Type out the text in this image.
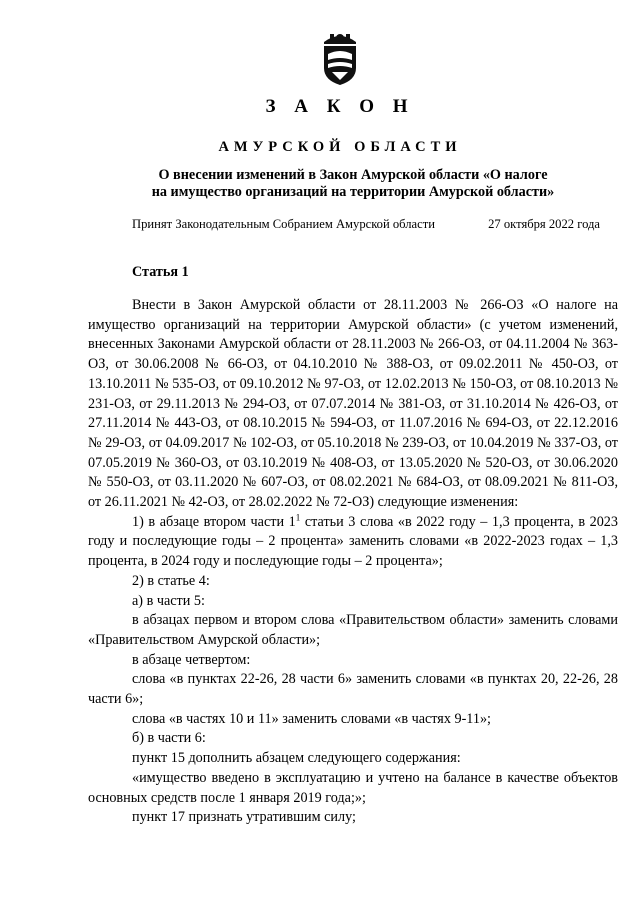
З А К О Н
АМУРСКОЙ ОБЛАСТИ
О внесении изменений в Закон Амурской области «О налоге
на имущество организаций на территории Амурской области»
Принят Законодательным Собранием Амурской области	27 октября 2022 года
Статья 1

Внести в Закон Амурской области от 28.11.2003 № 266-ОЗ «О налоге на имущество организаций на территории Амурской области» (с учетом изменений, внесенных Законами Амурской области от 28.11.2003 № 266-ОЗ, от 04.11.2004 № 363-ОЗ, от 30.06.2008 № 66-ОЗ, от 04.10.2010 № 388-ОЗ, от 09.02.2011 № 450-ОЗ, от 13.10.2011 № 535-ОЗ, от 09.10.2012 № 97-ОЗ, от 12.02.2013 № 150-ОЗ, от 08.10.2013 № 231-ОЗ, от 29.11.2013 № 294-ОЗ, от 07.07.2014 № 381-ОЗ, от 31.10.2014 № 426-ОЗ, от 27.11.2014 № 443-ОЗ, от 08.10.2015 № 594-ОЗ, от 11.07.2016 № 694-ОЗ, от 22.12.2016 № 29-ОЗ, от 04.09.2017 № 102-ОЗ, от 05.10.2018 № 239-ОЗ, от 10.04.2019 № 337-ОЗ, от 07.05.2019 № 360-ОЗ, от 03.10.2019 № 408-ОЗ, от 13.05.2020 № 520-ОЗ, от 30.06.2020 № 550-ОЗ, от 03.11.2020 № 607-ОЗ, от 08.02.2021 № 684-ОЗ, от 08.09.2021 № 811-ОЗ, от 26.11.2021 № 42-ОЗ, от 28.02.2022 № 72-ОЗ) следующие изменения:

1) в абзаце втором части $1^1$ статьи 3 слова «в 2022 году – 1,3 процента, в 2023 году и последующие годы – 2 процента» заменить словами «в 2022-2023 годах – 1,3 процента, в 2024 году и последующие годы – 2 процента»;

2) в статье 4:

а) в части 5:

в абзацах первом и втором слова «Правительством области» заменить словами «Правительством Амурской области»;

в абзаце четвертом:

слова «в пунктах 22-26, 28 части 6» заменить словами «в пунктах 20, 22-26, 28 части 6»;

слова «в частях 10 и 11» заменить словами «в частях 9-11»;

б) в части 6:

пункт 15 дополнить абзацем следующего содержания:

«имущество введено в эксплуатацию и учтено на балансе в качестве объектов основных средств после 1 января 2019 года;»;

пункт 17 признать утратившим силу;
